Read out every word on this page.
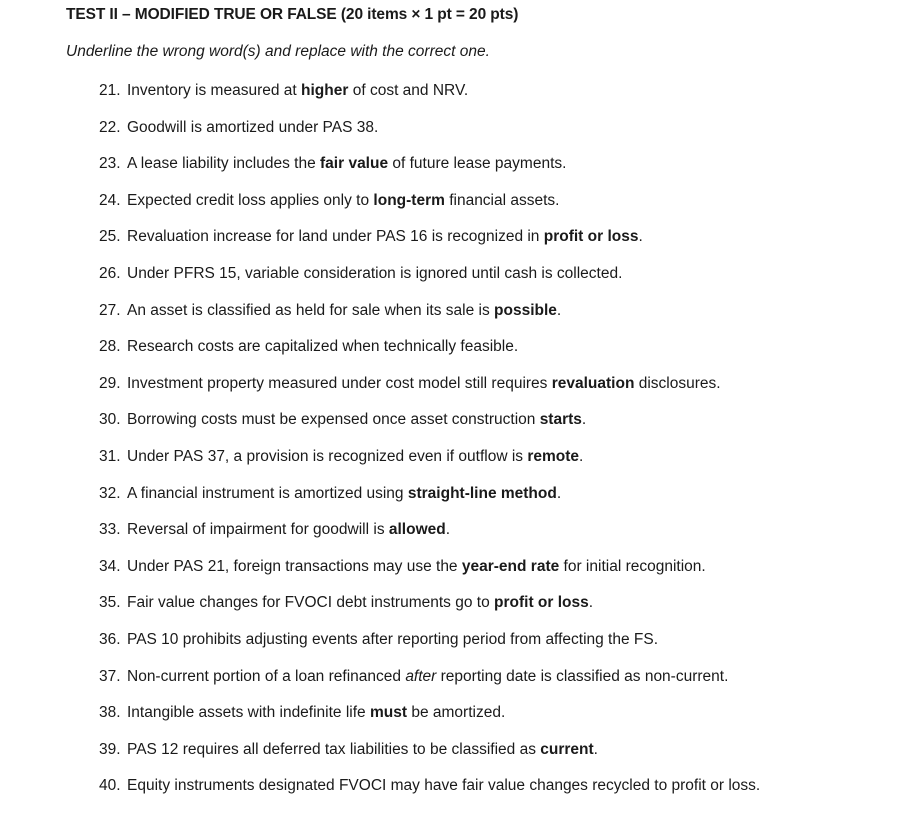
TEST II – MODIFIED TRUE OR FALSE (20 items × 1 pt = 20 pts)
Underline the wrong word(s) and replace with the correct one.
21. Inventory is measured at higher of cost and NRV.
22. Goodwill is amortized under PAS 38.
23. A lease liability includes the fair value of future lease payments.
24. Expected credit loss applies only to long-term financial assets.
25. Revaluation increase for land under PAS 16 is recognized in profit or loss.
26. Under PFRS 15, variable consideration is ignored until cash is collected.
27. An asset is classified as held for sale when its sale is possible.
28. Research costs are capitalized when technically feasible.
29. Investment property measured under cost model still requires revaluation disclosures.
30. Borrowing costs must be expensed once asset construction starts.
31. Under PAS 37, a provision is recognized even if outflow is remote.
32. A financial instrument is amortized using straight-line method.
33. Reversal of impairment for goodwill is allowed.
34. Under PAS 21, foreign transactions may use the year-end rate for initial recognition.
35. Fair value changes for FVOCI debt instruments go to profit or loss.
36. PAS 10 prohibits adjusting events after reporting period from affecting the FS.
37. Non-current portion of a loan refinanced after reporting date is classified as non-current.
38. Intangible assets with indefinite life must be amortized.
39. PAS 12 requires all deferred tax liabilities to be classified as current.
40. Equity instruments designated FVOCI may have fair value changes recycled to profit or loss.
